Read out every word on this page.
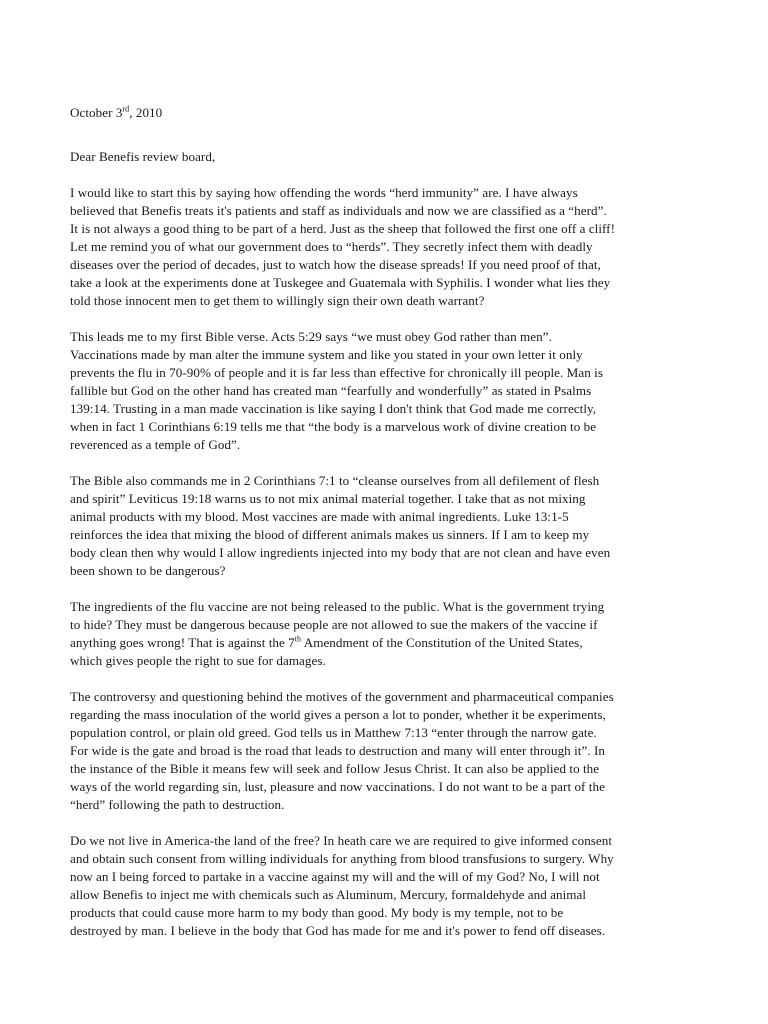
October 3rd, 2010
Dear Benefis review board,
I would like to start this by saying how offending the words “herd immunity” are. I have always
believed that Benefis treats it's patients and staff as individuals and now we are classified as a “herd”.
It is not always a good thing to be part of a herd. Just as the sheep that followed the first one off a cliff!
Let me remind you of what our government does to “herds”. They secretly infect them with deadly
diseases over the period of decades, just to watch how the disease spreads! If you need proof of that,
take a look at the experiments done at Tuskegee and Guatemala with Syphilis. I wonder what lies they
told those innocent men to get them to willingly sign their own death warrant?
This leads me to my first Bible verse. Acts 5:29 says “we must obey God rather than men”.
Vaccinations made by man alter the immune system and like you stated in your own letter it only
prevents the flu in 70-90% of people and it is far less than effective for chronically ill people. Man is
fallible but God on the other hand has created man “fearfully and wonderfully” as stated in Psalms
139:14. Trusting in a man made vaccination is like saying I don't think that God made me correctly,
when in fact 1 Corinthians 6:19 tells me that “the body is a marvelous work of divine creation to be
reverenced as a temple of God”.
The Bible also commands me in 2 Corinthians 7:1 to “cleanse ourselves from all defilement of flesh
and spirit” Leviticus 19:18 warns us to not mix animal material together. I take that as not mixing
animal products with my blood. Most vaccines are made with animal ingredients. Luke 13:1-5
reinforces the idea that mixing the blood of different animals makes us sinners. If I am to keep my
body clean then why would I allow ingredients injected into my body that are not clean and have even
been shown to be dangerous?
The ingredients of the flu vaccine are not being released to the public. What is the government trying
to hide? They must be dangerous because people are not allowed to sue the makers of the vaccine if
anything goes wrong! That is against the 7th Amendment of the Constitution of the United States,
which gives people the right to sue for damages.
The controversy and questioning behind the motives of the government and pharmaceutical companies
regarding the mass inoculation of the world gives a person a lot to ponder, whether it be experiments,
population control, or plain old greed. God tells us in Matthew 7:13 “enter through the narrow gate.
For wide is the gate and broad is the road that leads to destruction and many will enter through it”. In
the instance of the Bible it means few will seek and follow Jesus Christ. It can also be applied to the
ways of the world regarding sin, lust, pleasure and now vaccinations. I do not want to be a part of the
“herd” following the path to destruction.
Do we not live in America-the land of the free? In heath care we are required to give informed consent
and obtain such consent from willing individuals for anything from blood transfusions to surgery. Why
now an I being forced to partake in a vaccine against my will and the will of my God? No, I will not
allow Benefis to inject me with chemicals such as Aluminum, Mercury, formaldehyde and animal
products that could cause more harm to my body than good. My body is my temple, not to be
destroyed by man. I believe in the body that God has made for me and it's power to fend off diseases.
